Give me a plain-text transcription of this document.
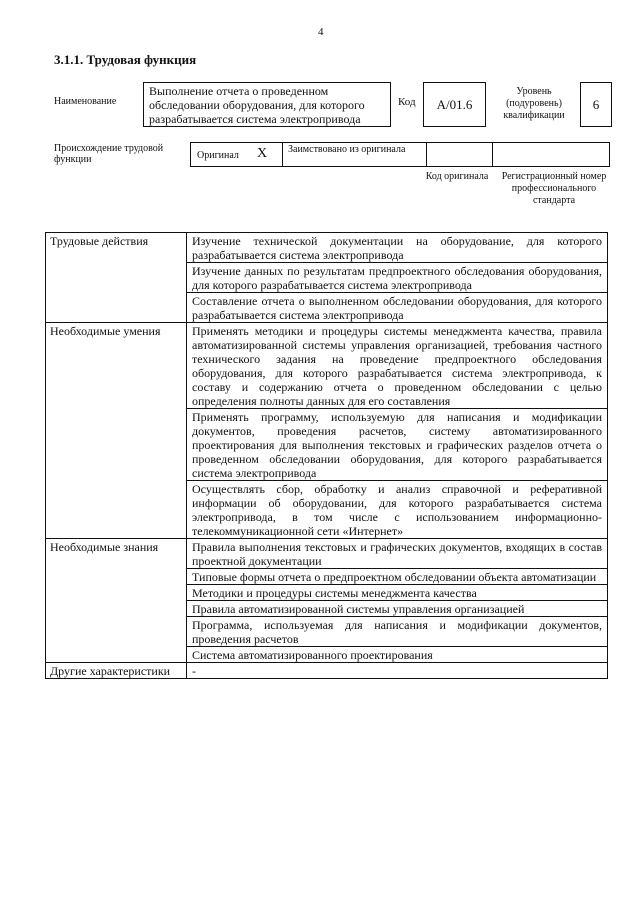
4
3.1.1. Трудовая функция
Наименование
Выполнение отчета о проведенном обследовании оборудования, для которого разрабатывается система электропривода
Код	A/01.6
Уровень (подуровень) квалификации
6
Происхождение трудовой функции	Оригинал X Заимствовано из оригинала
Код оригинала	Регистрационный номер профессионального стандарта
Трудовые действия	Изучение технической документации на оборудование, для которого разрабатывается система электропривода
	Изучение данных по результатам предпроектного обследования оборудования, для которого разрабатывается система электропривода
	Составление отчета о выполненном обследовании оборудования, для которого разрабатывается система электропривода
Необходимые умения	Применять методики и процедуры системы менеджмента качества, правила автоматизированной системы управления организацией, требования частного технического задания на проведение предпроектного обследования оборудования, для которого разрабатывается система электропривода, к составу и содержанию отчета о проведенном обследовании с целью определения полноты данных для его составления
	Применять программу, используемую для написания и модификации документов, проведения расчетов, систему автоматизированного проектирования для выполнения текстовых и графических разделов отчета о проведенном обследовании оборудования, для которого разрабатывается система электропривода
	Осуществлять сбор, обработку и анализ справочной и реферативной информации об оборудовании, для которого разрабатывается система электропривода, в том числе с использованием информационно-телекоммуникационной сети «Интернет»
Необходимые знания	Правила выполнения текстовых и графических документов, входящих в состав проектной документации
	Типовые формы отчета о предпроектном обследовании объекта автоматизации
	Методики и процедуры системы менеджмента качества
	Правила автоматизированной системы управления организацией
	Программа, используемая для написания и модификации документов, проведения расчетов
	Система автоматизированного проектирования
Другие характеристики	-
